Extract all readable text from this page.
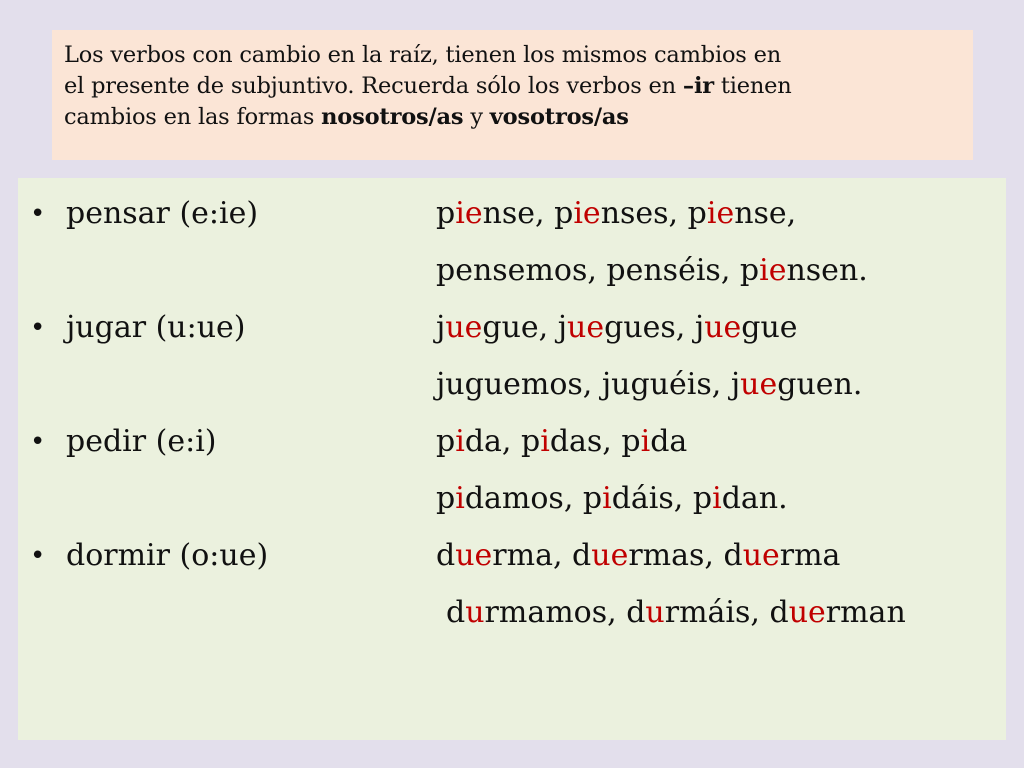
Los verbos con cambio en la raíz, tienen los mismos cambios en
el presente de subjuntivo. Recuerda sólo los verbos en –ir tienen
cambios en las formas nosotros/as y vosotros/as
• pensar (e:ie)	piense, pienses, piense,
pensemos, penséis, piensen.
• jugar (u:ue)	juegue, juegues, juegue
juguemos, juguéis, jueguen.
• pedir (e:i)	pida, pidas, pida
pidamos, pidáis, pidan.
• dormir (o:ue)	duerma, duermas, duerma
durmamos, durmáis, duerman
